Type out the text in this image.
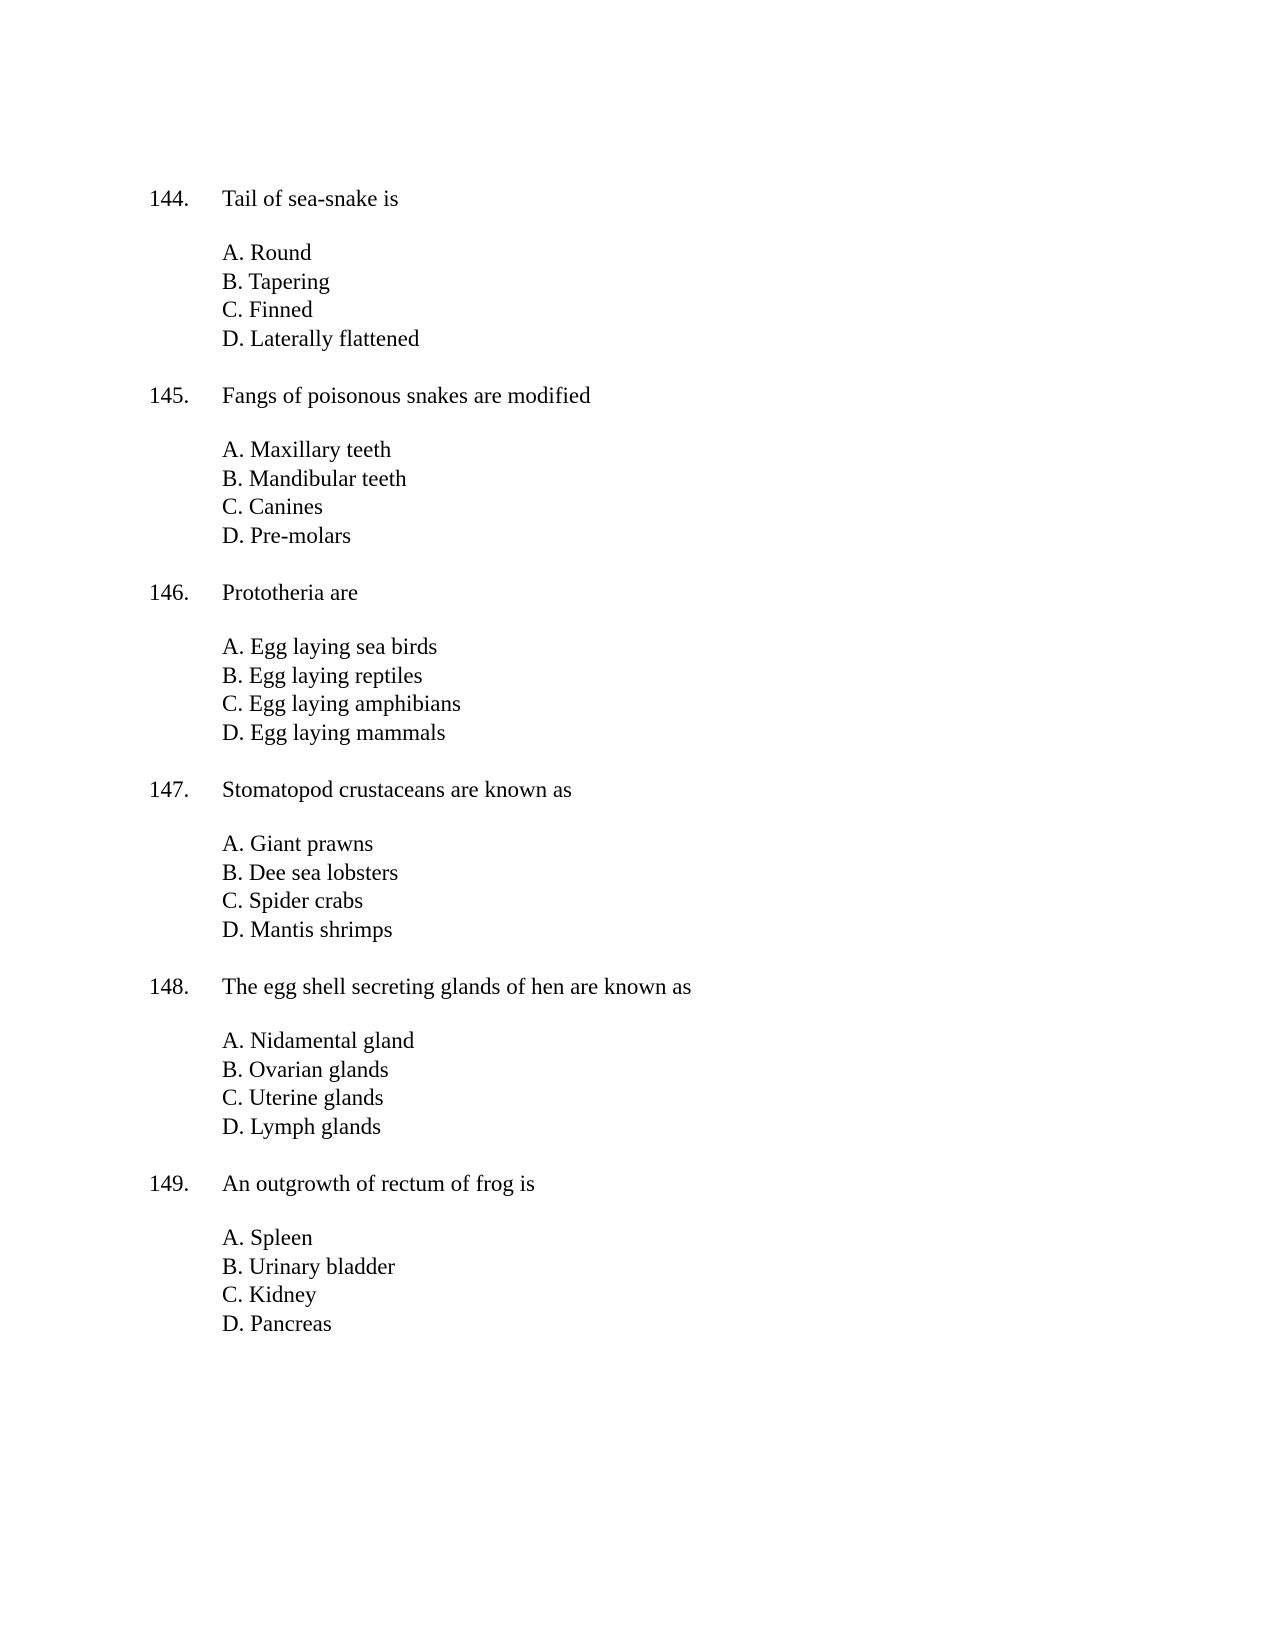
144. Tail of sea-snake is
A. Round
B. Tapering
C. Finned
D. Laterally flattened
145. Fangs of poisonous snakes are modified
A. Maxillary teeth
B. Mandibular teeth
C. Canines
D. Pre-molars
146. Prototheria are
A. Egg laying sea birds
B. Egg laying reptiles
C. Egg laying amphibians
D. Egg laying mammals
147. Stomatopod crustaceans are known as
A. Giant prawns
B. Dee sea lobsters
C. Spider crabs
D. Mantis shrimps
148. The egg shell secreting glands of hen are known as
A. Nidamental gland
B. Ovarian glands
C. Uterine glands
D. Lymph glands
149. An outgrowth of rectum of frog is
A. Spleen
B. Urinary bladder
C. Kidney
D. Pancreas
